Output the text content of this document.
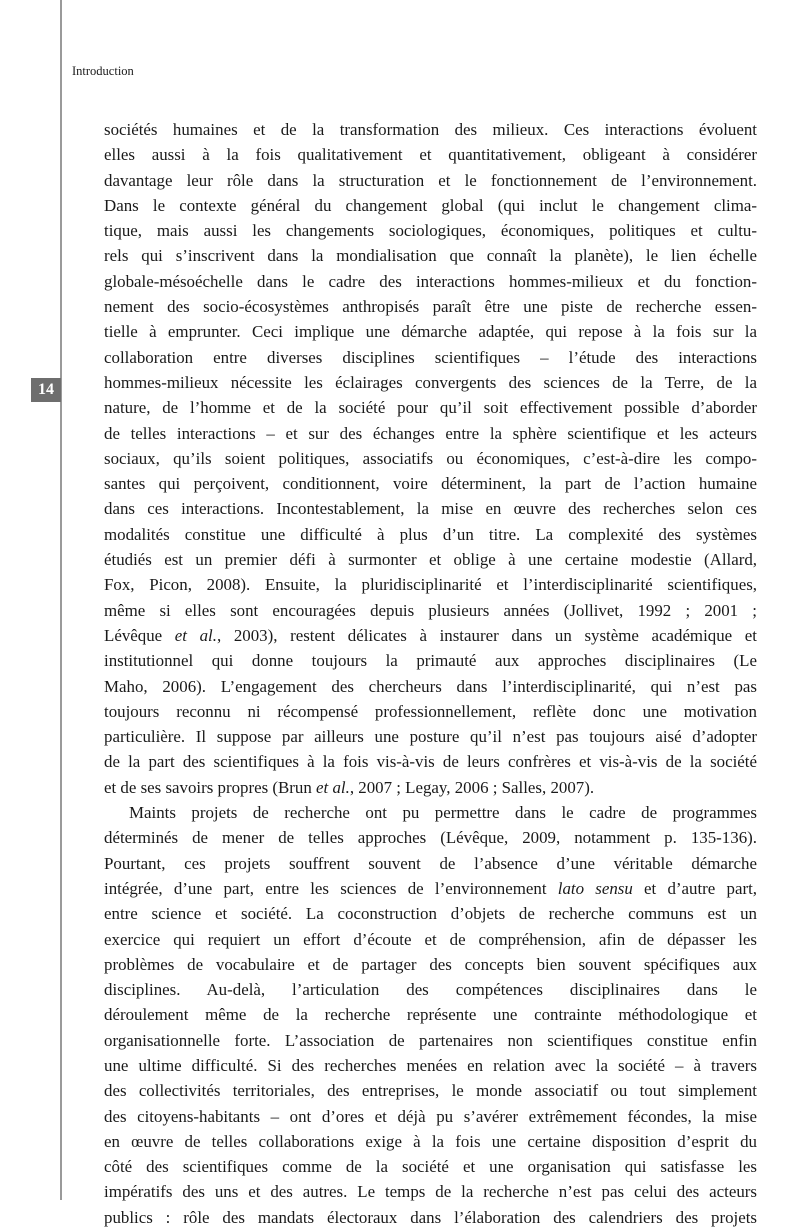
Introduction
14
sociétés humaines et de la transformation des milieux. Ces interactions évoluent
elles aussi à la fois qualitativement et quantitativement, obligeant à considérer
davantage leur rôle dans la structuration et le fonctionnement de l’environnement.
Dans le contexte général du changement global (qui inclut le changement clima-
tique, mais aussi les changements sociologiques, économiques, politiques et cultu-
rels qui s’inscrivent dans la mondialisation que connaît la planète), le lien échelle
globale-mésoéchelle dans le cadre des interactions hommes-milieux et du fonction-
nement des socio-écosystèmes anthropisés paraît être une piste de recherche essen-
tielle à emprunter. Ceci implique une démarche adaptée, qui repose à la fois sur la
collaboration entre diverses disciplines scientifiques – l’étude des interactions
hommes-milieux nécessite les éclairages convergents des sciences de la Terre, de la
nature, de l’homme et de la société pour qu’il soit effectivement possible d’aborder
de telles interactions – et sur des échanges entre la sphère scientifique et les acteurs
sociaux, qu’ils soient politiques, associatifs ou économiques, c’est-à-dire les compo-
santes qui perçoivent, conditionnent, voire déterminent, la part de l’action humaine
dans ces interactions. Incontestablement, la mise en œuvre des recherches selon ces
modalités constitue une difficulté à plus d’un titre. La complexité des systèmes
étudiés est un premier défi à surmonter et oblige à une certaine modestie (Allard,
Fox, Picon, 2008). Ensuite, la pluridisciplinarité et l’interdisciplinarité scientifiques,
même si elles sont encouragées depuis plusieurs années (Jollivet, 1992 ; 2001 ;
Lévêque et al., 2003), restent délicates à instaurer dans un système académique et
institutionnel qui donne toujours la primauté aux approches disciplinaires (Le
Maho, 2006). L’engagement des chercheurs dans l’interdisciplinarité, qui n’est pas
toujours reconnu ni récompensé professionnellement, reflète donc une motivation
particulière. Il suppose par ailleurs une posture qu’il n’est pas toujours aisé d’adopter
de la part des scientifiques à la fois vis-à-vis de leurs confrères et vis-à-vis de la société
et de ses savoirs propres (Brun et al., 2007 ; Legay, 2006 ; Salles, 2007).
Maints projets de recherche ont pu permettre dans le cadre de programmes
déterminés de mener de telles approches (Lévêque, 2009, notamment p. 135-136).
Pourtant, ces projets souffrent souvent de l’absence d’une véritable démarche
intégrée, d’une part, entre les sciences de l’environnement lato sensu et d’autre part,
entre science et société. La coconstruction d’objets de recherche communs est un
exercice qui requiert un effort d’écoute et de compréhension, afin de dépasser les
problèmes de vocabulaire et de partager des concepts bien souvent spécifiques aux
disciplines. Au-delà, l’articulation des compétences disciplinaires dans le
déroulement même de la recherche représente une contrainte méthodologique et
organisationnelle forte. L’association de partenaires non scientifiques constitue enfin
une ultime difficulté. Si des recherches menées en relation avec la société – à travers
des collectivités territoriales, des entreprises, le monde associatif ou tout simplement
des citoyens-habitants – ont d’ores et déjà pu s’avérer extrêmement fécondes, la mise
en œuvre de telles collaborations exige à la fois une certaine disposition d’esprit du
côté des scientifiques comme de la société et une organisation qui satisfasse les
impératifs des uns et des autres. Le temps de la recherche n’est pas celui des acteurs
publics : rôle des mandats électoraux dans l’élaboration des calendriers des projets
